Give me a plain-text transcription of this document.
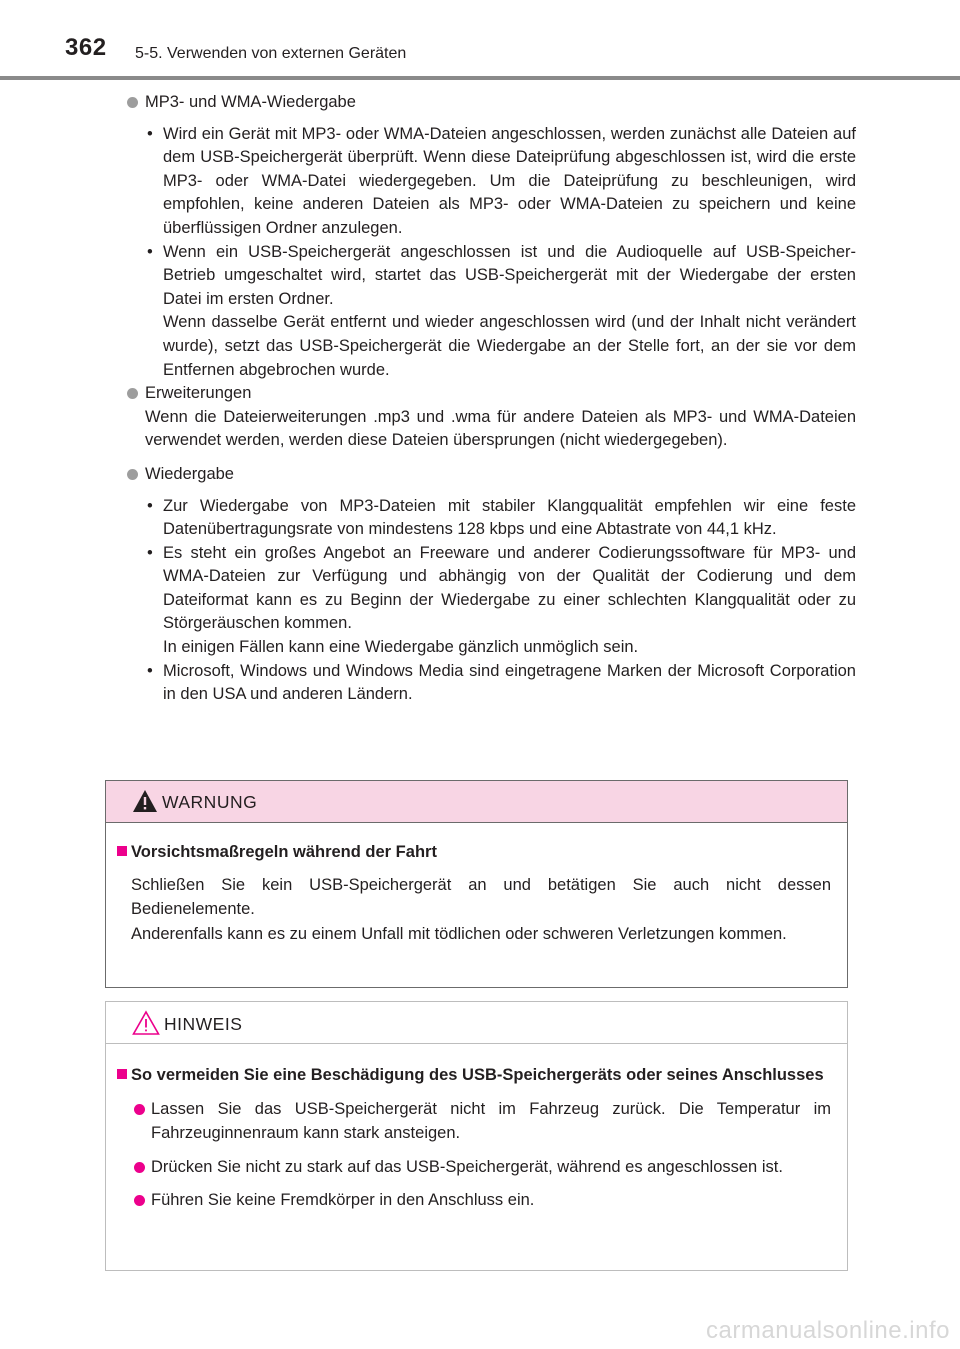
362 5-5. Verwenden von externen Geräten
MP3- und WMA-Wiedergabe
• Wird ein Gerät mit MP3- oder WMA-Dateien angeschlossen, werden zunächst alle Dateien auf dem USB-Speichergerät überprüft. Wenn diese Dateiprüfung abgeschlossen ist, wird die erste MP3- oder WMA-Datei wiedergegeben. Um die Dateiprüfung zu beschleunigen, wird empfohlen, keine anderen Dateien als MP3- oder WMA-Dateien zu speichern und keine überflüssigen Ordner anzulegen.

• Wenn ein USB-Speichergerät angeschlossen ist und die Audioquelle auf USB-Speicher-Betrieb umgeschaltet wird, startet das USB-Speichergerät mit der Wiedergabe der ersten Datei im ersten Ordner.

Wenn dasselbe Gerät entfernt und wieder angeschlossen wird (und der Inhalt nicht verändert wurde), setzt das USB-Speichergerät die Wiedergabe an der Stelle fort, an der sie vor dem Entfernen abgebrochen wurde.

Erweiterungen
Wenn die Dateierweiterungen .mp3 und .wma für andere Dateien als MP3- und WMA-Dateien verwendet werden, werden diese Dateien übersprungen (nicht wiedergegeben).
Wiedergabe
• Zur Wiedergabe von MP3-Dateien mit stabiler Klangqualität empfehlen wir eine feste Datenübertragungsrate von mindestens 128 kbps und eine Abtastrate von 44,1 kHz.

• Es steht ein großes Angebot an Freeware und anderer Codierungssoftware für MP3- und WMA-Dateien zur Verfügung und abhängig von der Qualität der Codierung und dem Dateiformat kann es zu Beginn der Wiedergabe zu einer schlechten Klangqualität oder zu Störgeräuschen kommen.

In einigen Fällen kann eine Wiedergabe gänzlich unmöglich sein.

• Microsoft, Windows und Windows Media sind eingetragene Marken der Microsoft Corporation in den USA und anderen Ländern.

WARNUNG
Vorsichtsmaßregeln während der Fahrt
Schließen Sie kein USB-Speichergerät an und betätigen Sie auch nicht dessen Bedienelemente.
Anderenfalls kann es zu einem Unfall mit tödlichen oder schweren Verletzungen kommen.
HINWEIS
So vermeiden Sie eine Beschädigung des USB-Speichergeräts oder seines Anschlusses
Lassen Sie das USB-Speichergerät nicht im Fahrzeug zurück. Die Temperatur im Fahrzeuginnenraum kann stark ansteigen.
Drücken Sie nicht zu stark auf das USB-Speichergerät, während es angeschlossen ist.
Führen Sie keine Fremdkörper in den Anschluss ein.
carmanualsonline.info
